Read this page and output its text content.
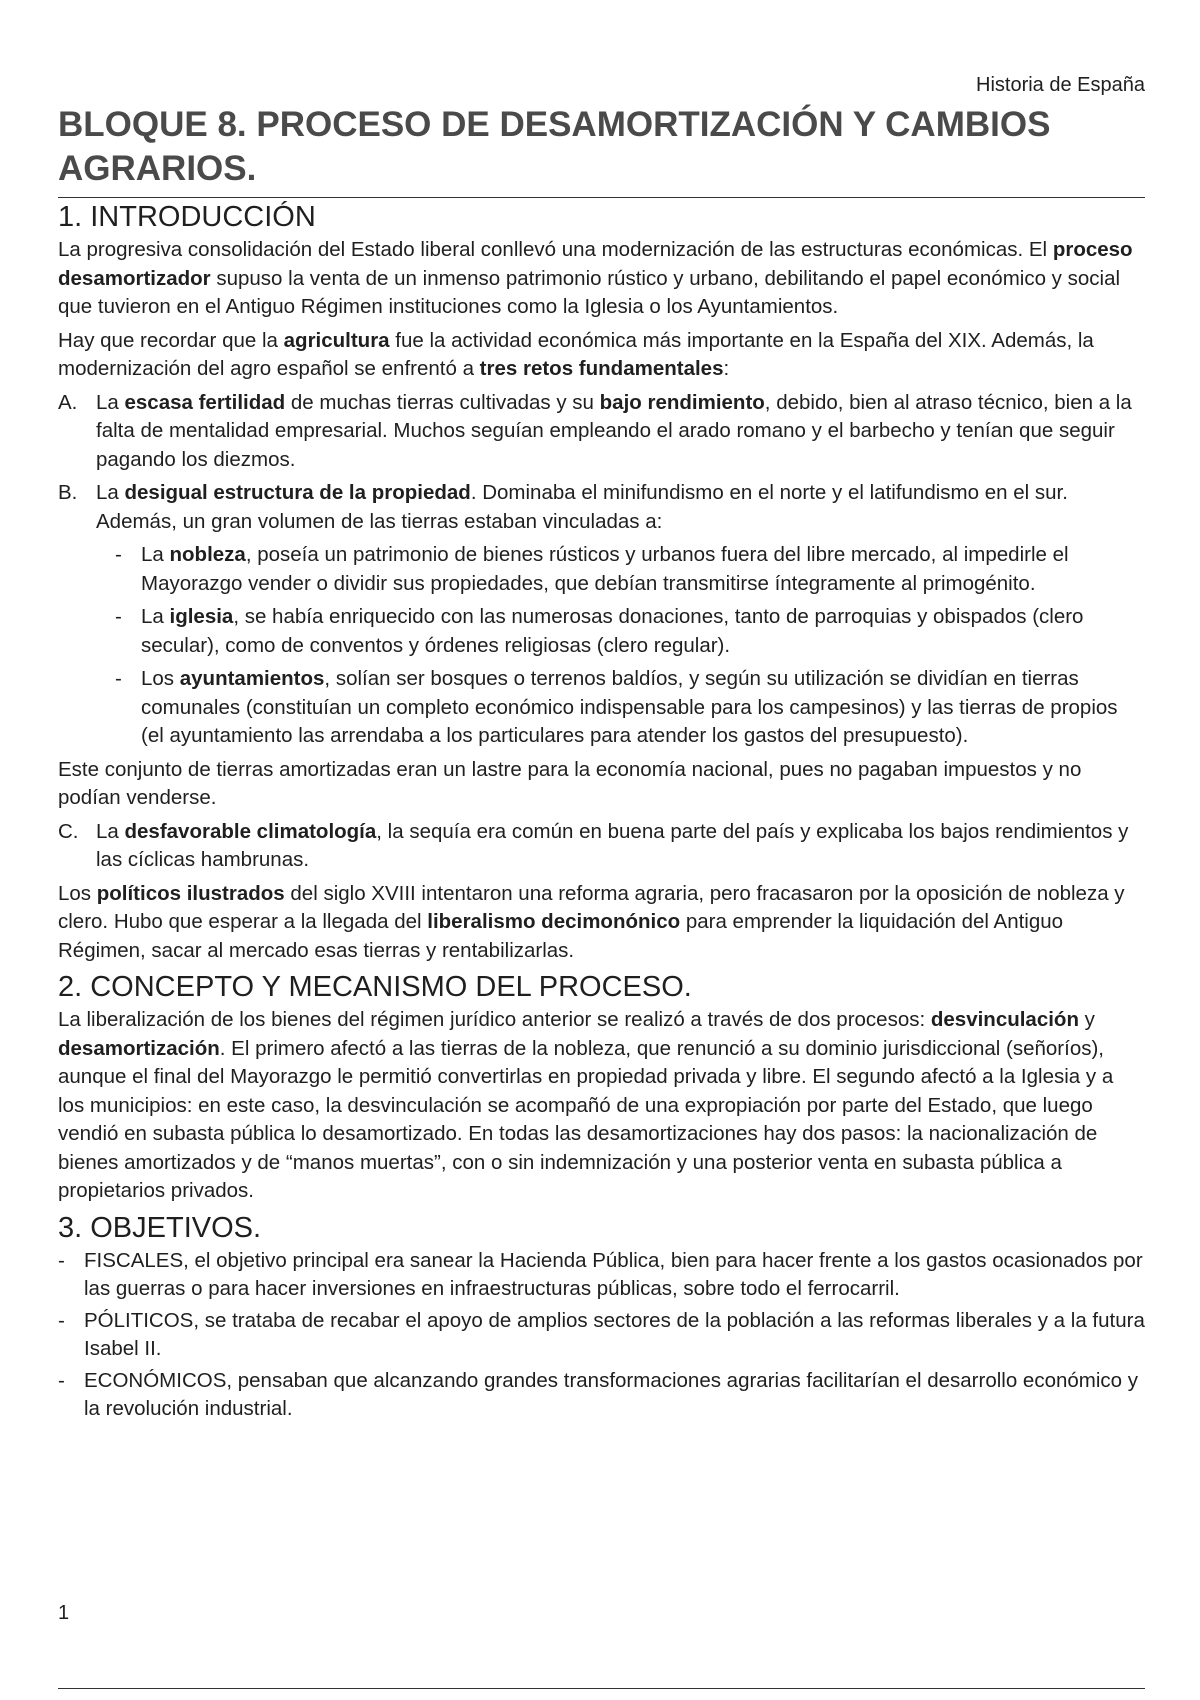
Historia de España
BLOQUE 8. PROCESO DE DESAMORTIZACIÓN Y CAMBIOS AGRARIOS.
1. INTRODUCCIÓN

La progresiva consolidación del Estado liberal conllevó una modernización de las estructuras económicas. El proceso desamortizador supuso la venta de un inmenso patrimonio rústico y urbano, debilitando el papel económico y social que tuvieron en el Antiguo Régimen instituciones como la Iglesia o los Ayuntamientos.

Hay que recordar que la agricultura fue la actividad económica más importante en la España del XIX. Además, la modernización del agro español se enfrentó a tres retos fundamentales:

A. La escasa fertilidad de muchas tierras cultivadas y su bajo rendimiento, debido, bien al atraso técnico, bien a la falta de mentalidad empresarial. Muchos seguían empleando el arado romano y el barbecho y tenían que seguir pagando los diezmos.
B. La desigual estructura de la propiedad. Dominaba el minifundismo en el norte y el latifundismo en el sur. Además, un gran volumen de las tierras estaban vinculadas a:
- La nobleza, poseía un patrimonio de bienes rústicos y urbanos fuera del libre mercado, al impedirle el Mayorazgo vender o dividir sus propiedades, que debían transmitirse íntegramente al primogénito.
- La iglesia, se había enriquecido con las numerosas donaciones, tanto de parroquias y obispados (clero secular), como de conventos y órdenes religiosas (clero regular).
- Los ayuntamientos, solían ser bosques o terrenos baldíos, y según su utilización se dividían en tierras comunales (constituían un completo económico indispensable para los campesinos) y las tierras de propios (el ayuntamiento las arrendaba a los particulares para atender los gastos del presupuesto).

Este conjunto de tierras amortizadas eran un lastre para la economía nacional, pues no pagaban impuestos y no podían venderse.

C. La desfavorable climatología, la sequía era común en buena parte del país y explicaba los bajos rendimientos y las cíclicas hambrunas.

Los políticos ilustrados del siglo XVIII intentaron una reforma agraria, pero fracasaron por la oposición de nobleza y clero. Hubo que esperar a la llegada del liberalismo decimonónico para emprender la liquidación del Antiguo Régimen, sacar al mercado esas tierras y rentabilizarlas.

2. CONCEPTO Y MECANISMO DEL PROCESO.

La liberalización de los bienes del régimen jurídico anterior se realizó a través de dos procesos: desvinculación y desamortización. El primero afectó a las tierras de la nobleza, que renunció a su dominio jurisdiccional (señoríos), aunque el final del Mayorazgo le permitió convertirlas en propiedad privada y libre. El segundo afectó a la Iglesia y a los municipios: en este caso, la desvinculación se acompañó de una expropiación por parte del Estado, que luego vendió en subasta pública lo desamortizado. En todas las desamortizaciones hay dos pasos: la nacionalización de bienes amortizados y de “manos muertas”, con o sin indemnización y una posterior venta en subasta pública a propietarios privados.

3. OBJETIVOS.
- FISCALES, el objetivo principal era sanear la Hacienda Pública, bien para hacer frente a los gastos ocasionados por las guerras o para hacer inversiones en infraestructuras públicas, sobre todo el ferrocarril.
- PÓLITICOS, se trataba de recabar el apoyo de amplios sectores de la población a las reformas liberales y a la futura Isabel II.
- ECONÓMICOS, pensaban que alcanzando grandes transformaciones agrarias facilitarían el desarrollo económico y la revolución industrial.
1
